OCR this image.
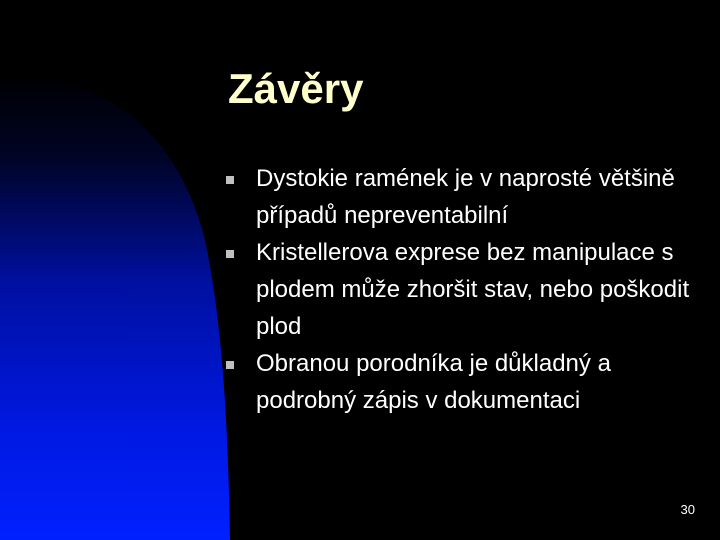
Závěry
Dystokie ramének je v naprosté většině případů nepreventabilní
Kristellerova exprese bez manipulace s plodem může zhoršit stav, nebo poškodit plod
Obranou porodníka je důkladný a podrobný zápis v dokumentaci
30
